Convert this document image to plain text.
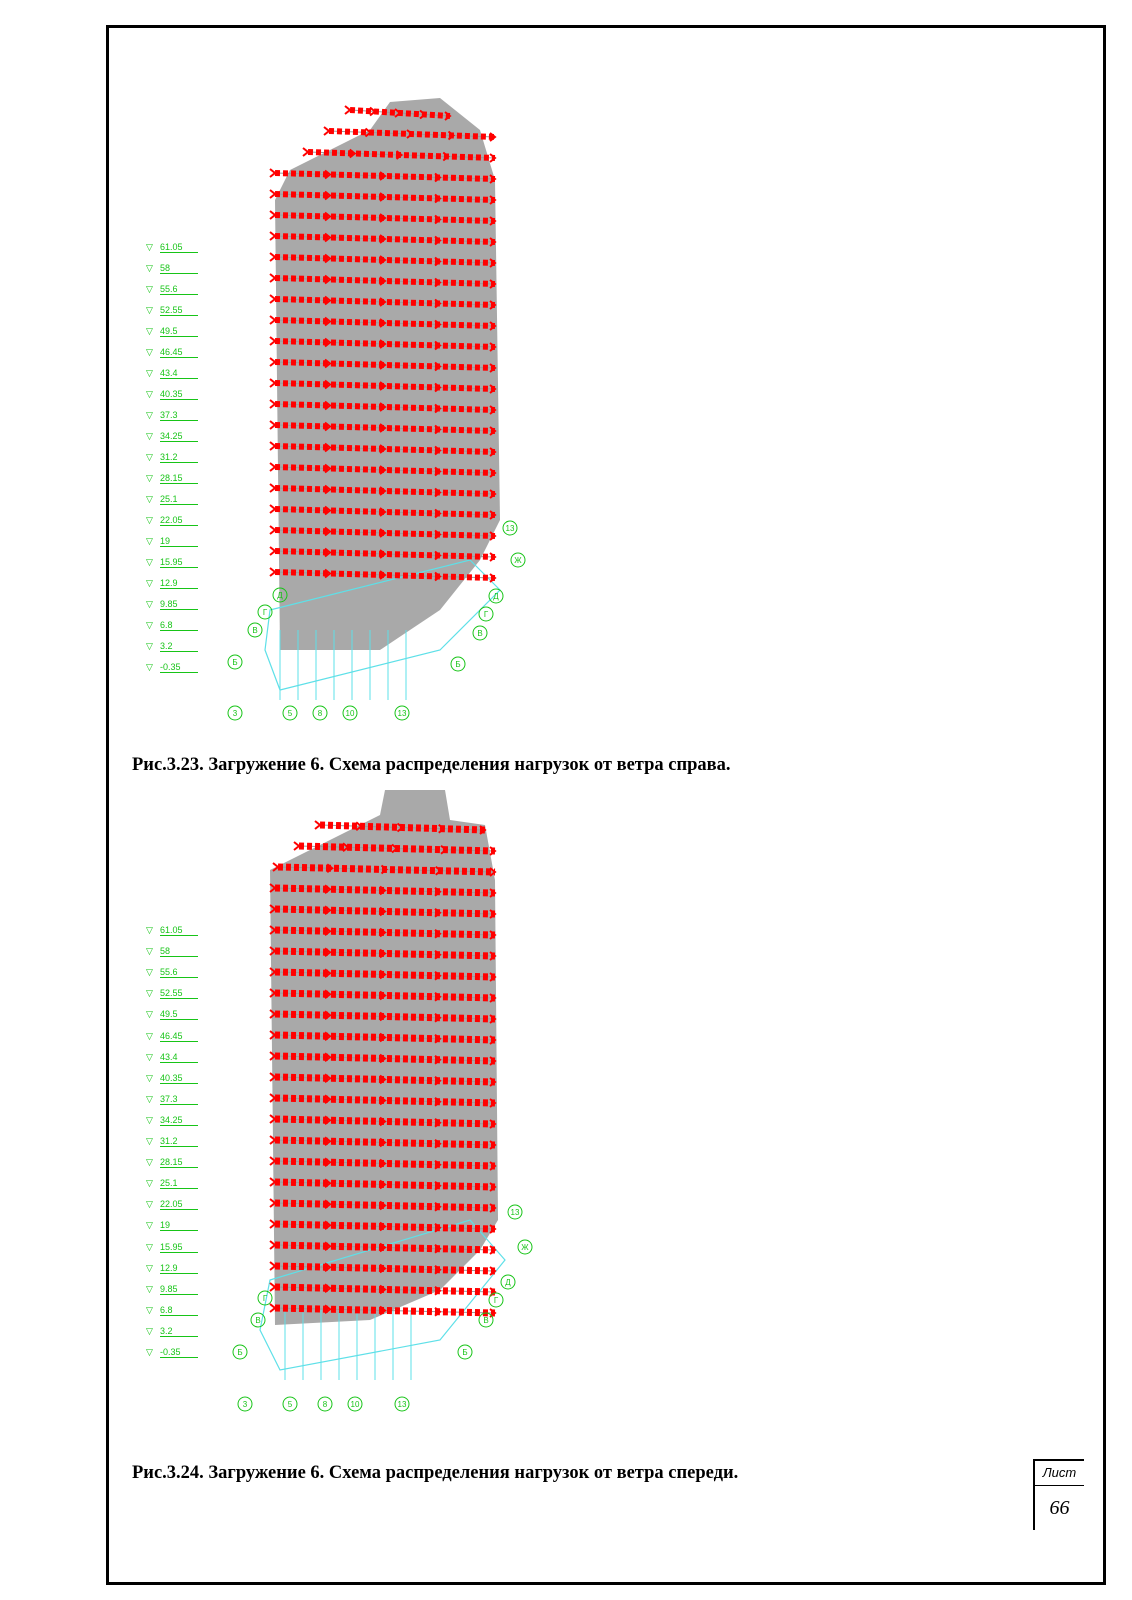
▽ 61.05
▽ 58
▽ 55.6
▽ 52.55
▽ 49.5
▽ 46.45
▽ 43.4
▽ 40.35
▽ 37.3
▽ 34.25
▽ 31.2
▽ 28.15
▽ 25.1
▽ 22.05
▽ 19
▽ 15.95
▽ 12.9
▽ 9.85
▽ 6.8
▽ 3.2
▽ -0.35
Д
Г
В
Б
13
Ж
Д
Г
В
Б
3	5	8	10	13
Рис.3.23. Загружение 6. Схема распределения нагрузок от ветра справа.
▽ 61.05
▽ 58
▽ 55.6
▽ 52.55
▽ 49.5
▽ 46.45
▽ 43.4
▽ 40.35
▽ 37.3
▽ 34.25
▽ 31.2
▽ 28.15
▽ 25.1
▽ 22.05
▽ 19
▽ 15.95
▽ 12.9
▽ 9.85
▽ 6.8
▽ 3.2
▽ -0.35
Г
В
Б
13
Ж
Д
Г
В
Б
3	5	8	10	13
Рис.3.24. Загружение 6. Схема распределения нагрузок от ветра спереди.	Лист
66
